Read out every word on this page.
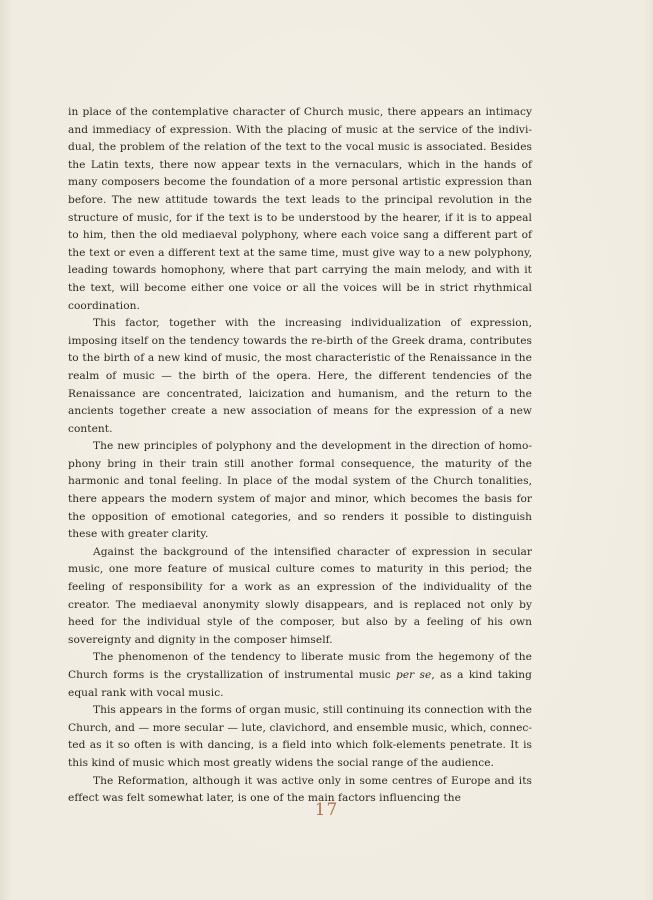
in place of the contemplative character of Church music, there appears an intimacy and immediacy of expression. With the placing of music at the service of the individual, the problem of the relation of the text to the vocal music is associated. Besides the Latin texts, there now appear texts in the vernaculars, which in the hands of many composers become the foundation of a more personal artistic expression than before. The new attitude towards the text leads to the principal revolution in the structure of music, for if the text is to be understood by the hearer, if it is to appeal to him, then the old mediaeval polyphony, where each voice sang a different part of the text or even a different text at the same time, must give way to a new polyphony, leading towards homophony, where that part carrying the main melody, and with it the text, will become either one voice or all the voices will be in strict rhythmical coordination.

This factor, together with the increasing individualization of expression, imposing itself on the tendency towards the re-birth of the Greek drama, contributes to the birth of a new kind of music, the most characteristic of the Renaissance in the realm of music — the birth of the opera. Here, the different tendencies of the Renaissance are concentrated, laicization and humanism, and the return to the ancients together create a new association of means for the expression of a new content.

The new principles of polyphony and the development in the direction of homophony bring in their train still another formal consequence, the maturity of the harmonic and tonal feeling. In place of the modal system of the Church tonalities, there appears the modern system of major and minor, which becomes the basis for the opposition of emotional categories, and so renders it possible to distinguish these with greater clarity.

Against the background of the intensified character of expression in secular music, one more feature of musical culture comes to maturity in this period; the feeling of responsibility for a work as an expression of the individuality of the creator. The mediaeval anonymity slowly disappears, and is replaced not only by heed for the individual style of the composer, but also by a feeling of his own sovereignty and dignity in the composer himself.

The phenomenon of the tendency to liberate music from the hegemony of the Church forms is the crystallization of instrumental music per se, as a kind taking equal rank with vocal music.

This appears in the forms of organ music, still continuing its connection with the Church, and — more secular — lute, clavichord, and ensemble music, which, connected as it so often is with dancing, is a field into which folk-elements penetrate. It is this kind of music which most greatly widens the social range of the audience.

The Reformation, although it was active only in some centres of Europe and its effect was felt somewhat later, is one of the main factors influencing the

17
